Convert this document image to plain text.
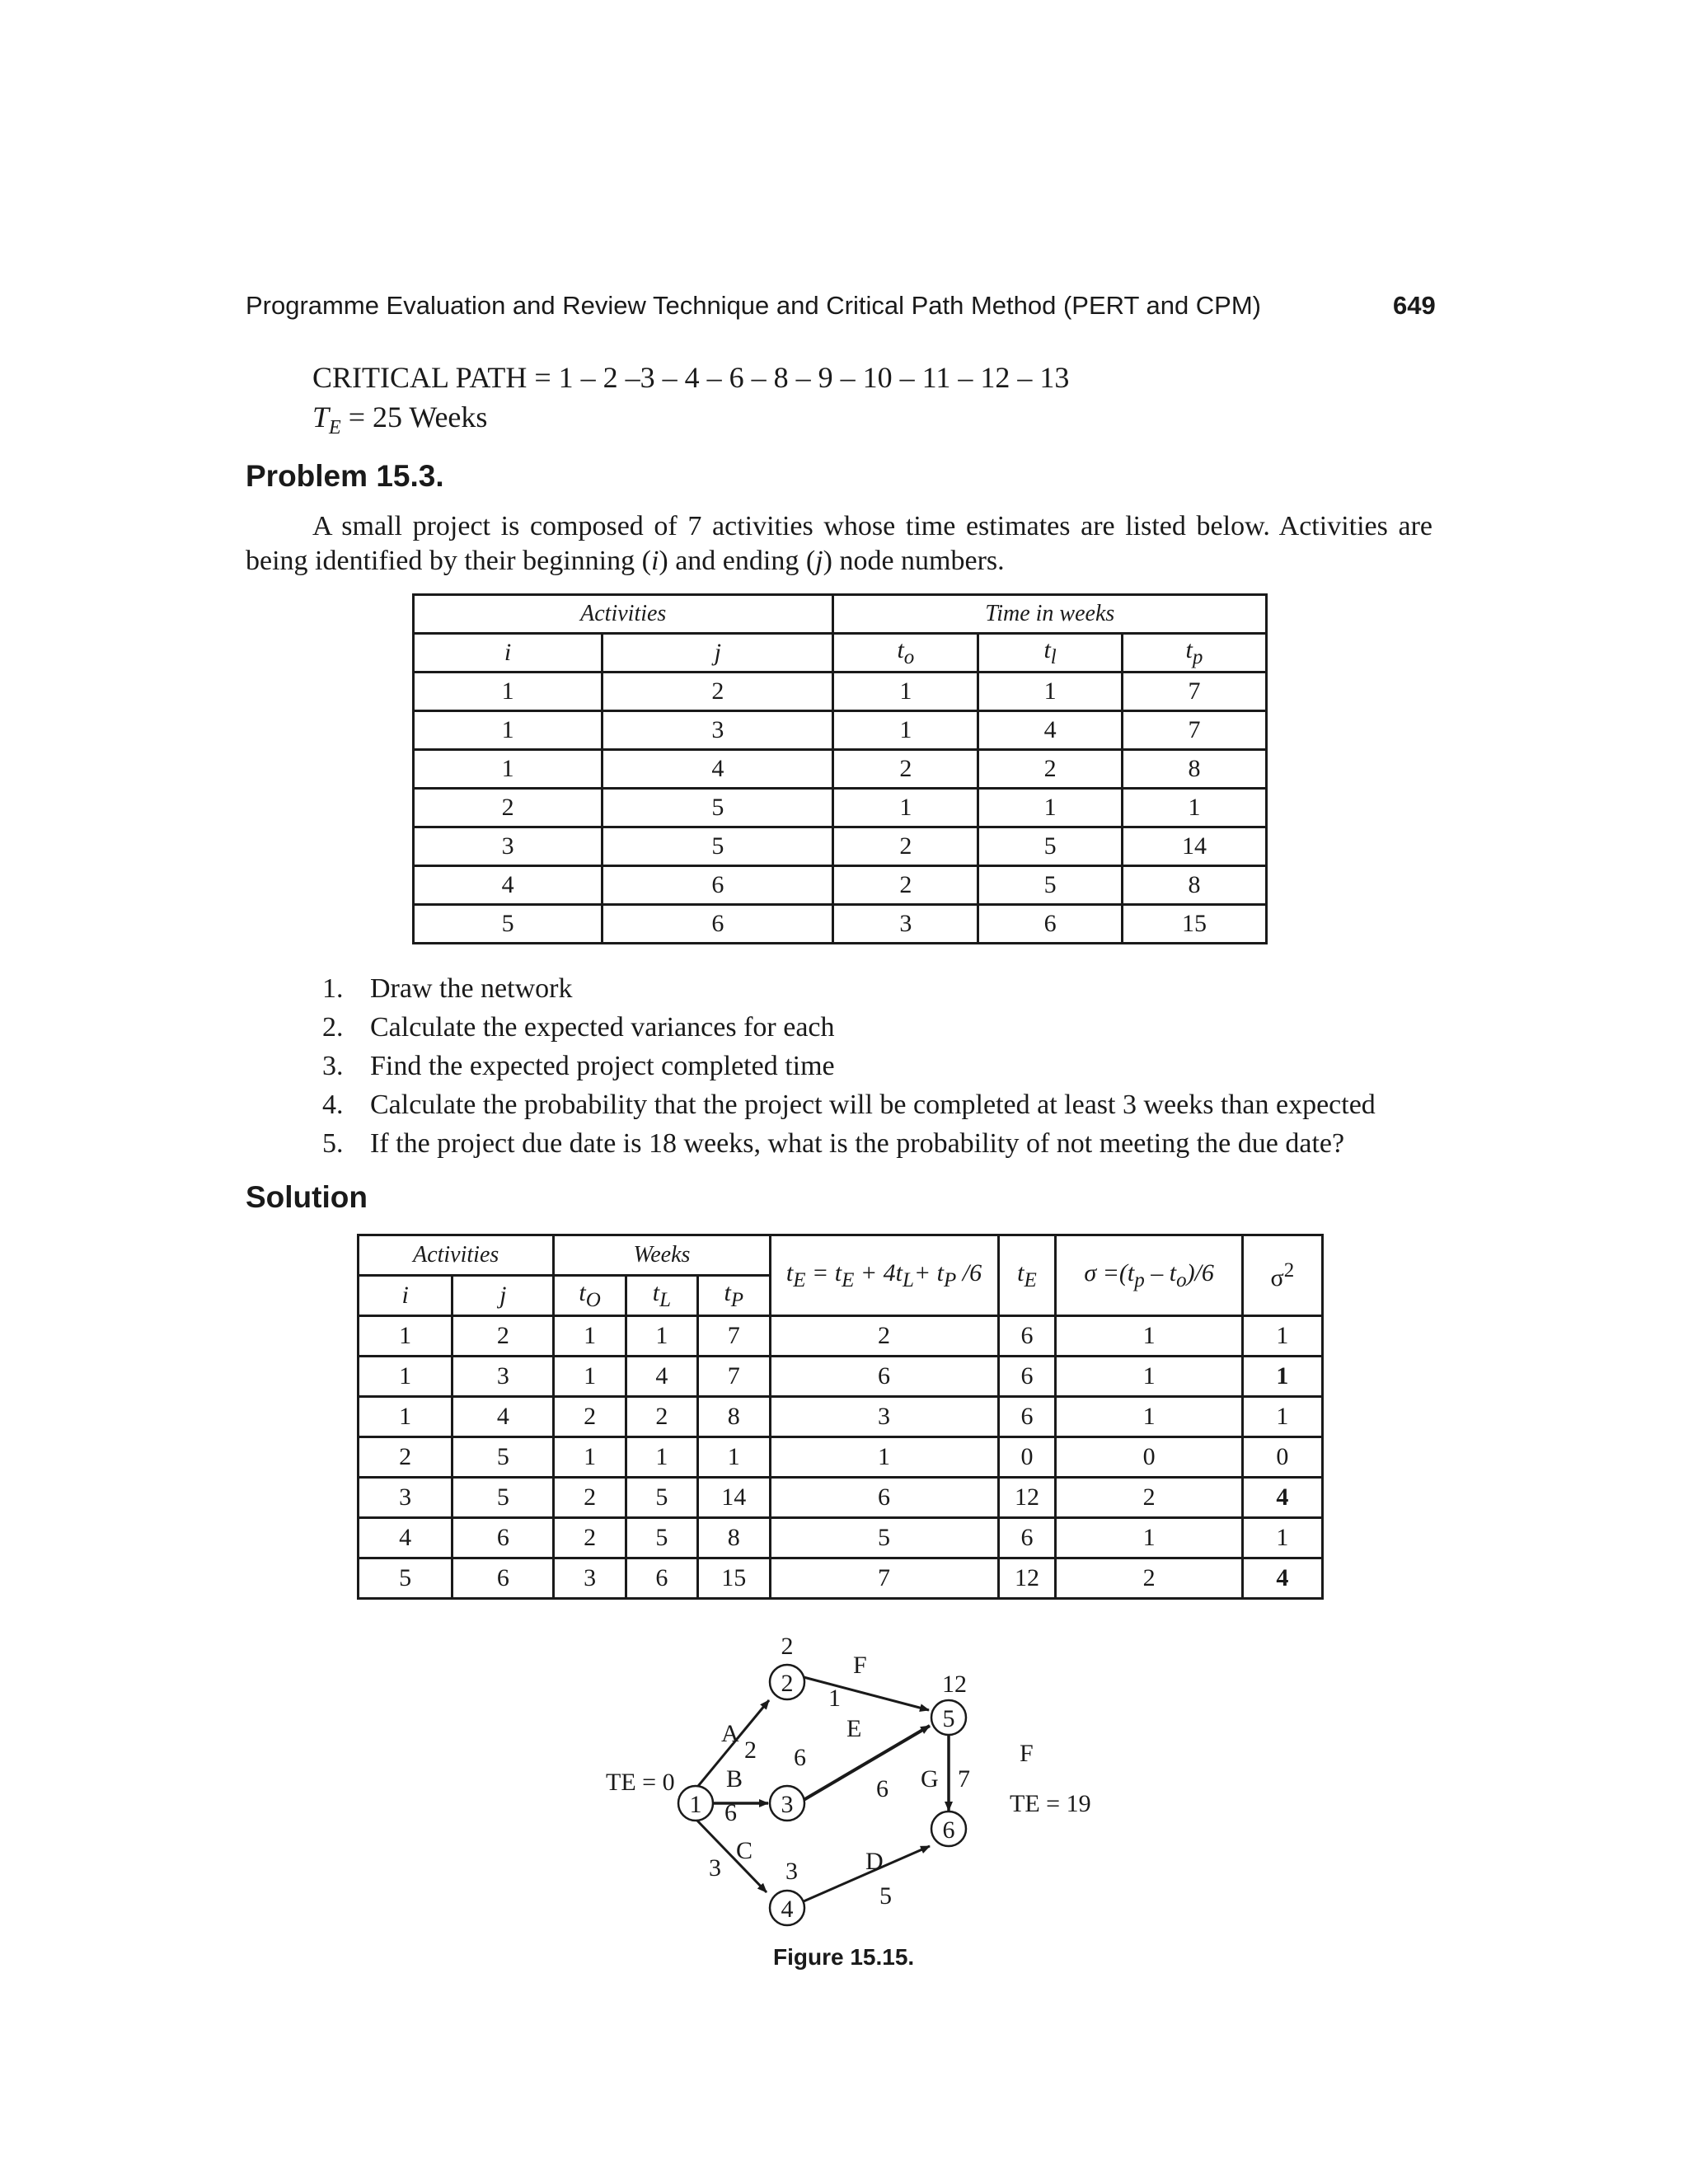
Programme Evaluation and Review Technique and Critical Path Method (PERT and CPM)	649
CRITICAL PATH = 1 – 2 –3 – 4 – 6 – 8 – 9 – 10 – 11 – 12 – 13
$T_E = 25$ Weeks
Problem 15.3.
A small project is composed of 7 activities whose time estimates are listed below. Activities are being identified by their beginning (i) and ending (j) node numbers.
Activities		Time in weeks		
i	j	$t_o$	$t_l$	$t_p$
1	2	1	1	7
1	3	1	4	7
1	4	2	2	8
2	5	1	1	1
3	5	2	5	14
4	6	2	5	8
5	6	3	6	15
1. Draw the network
2. Calculate the expected variances for each
3. Find the expected project completed time
4. Calculate the probability that the project will be completed at least 3 weeks than expected
5. If the project due date is 18 weeks, what is the probability of not meeting the due date?
Solution
Activities		Weeks			$t_E = t_E + 4t_L+ t_P$ /6	$t_E$	$\sigma =(t_p - t_o)/6$	$\sigma^2$
i	j	$t_O$	$t_L$	$t_P$
1	2	1	1	7	2	6	1	1
1	3	1	4	7	6	6	1	1
1	4	2	2	8	3	6	1	1
2	5	1	1	1	1	0	0	0
3	5	2	5	14	6	12	2	4
4	6	2	5	8	5	6	1	1
5	6	3	6	15	7	12	2	4
1
2
3
4
5
6
TE = 0
TE = 19
2
12
A
2
B
6
C
3	3
F
1
E
6
6 G 7
F
D
5
Figure 15.15.
